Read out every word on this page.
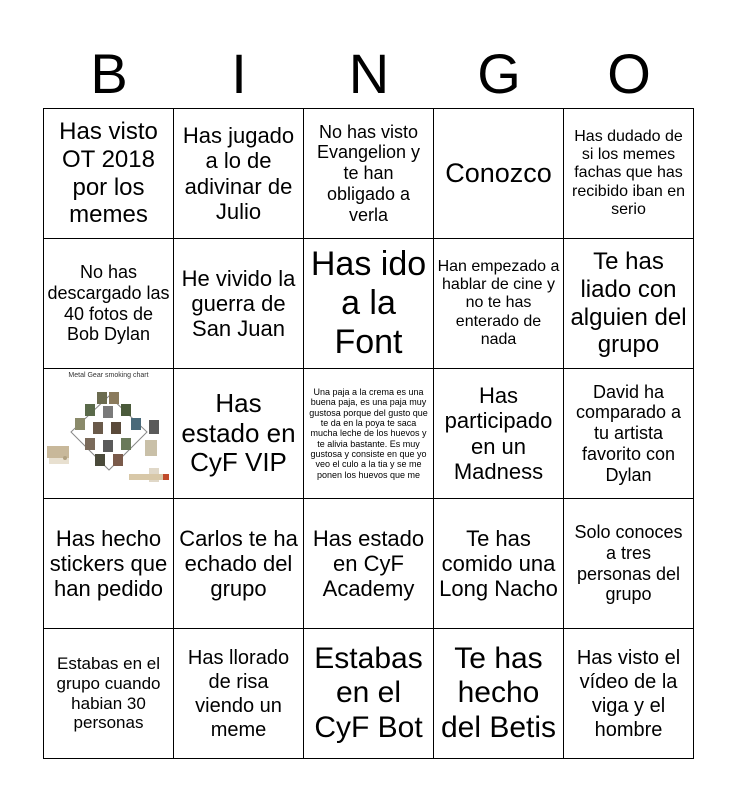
B	I	N	G	O
Has visto OT 2018 por los memes	Has jugado a lo de adivinar de Julio	No has visto Evangelion y te han obligado a verla	Conozco	Has dudado de si los memes fachas que has recibido iban en serio
No has descargado las 40 fotos de Bob Dylan	He vivido la guerra de San Juan	Has ido a la Font	Han empezado a hablar de cine y no te has enterado de nada	Te has liado con alguien del grupo

Metal Gear smoking chart	Has estado en CyF VIP	Una paja a la crema es una buena paja, es una paja muy gustosa porque del gusto que te da en la poya te saca mucha leche de los huevos y te alivia bastante. Es muy gustosa y consiste en que yo veo el culo a la tia y se me ponen los huevos que me	Has participado en un Madness	David ha comparado a tu artista favorito con Dylan
Has hecho stickers que han pedido	Carlos te ha echado del grupo	Has estado en CyF Academy	Te has comido una Long Nacho	Solo conoces a tres personas del grupo
Estabas en el grupo cuando habian 30 personas	Has llorado de risa viendo un meme	Estabas en el CyF Bot	Te has hecho del Betis	Has visto el vídeo de la viga y el hombre
